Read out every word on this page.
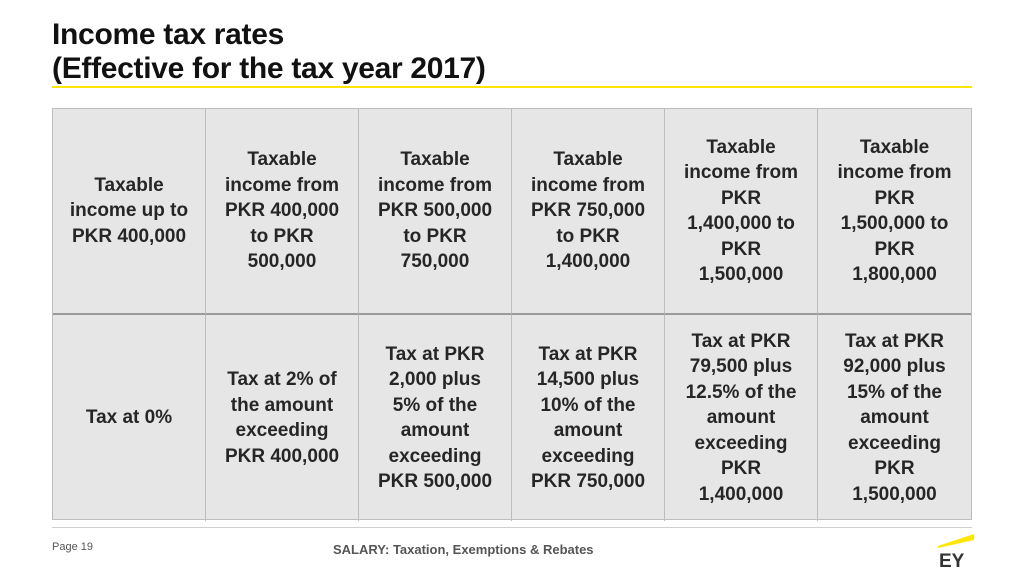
Income tax rates
(Effective for the tax year 2017)
Taxable
income up to
PKR 400,000
Taxable
income from
PKR 400,000
to PKR
500,000
Taxable
income from
PKR 500,000
to PKR
750,000
Taxable
income from
PKR 750,000
to PKR
1,400,000
Taxable
income from
PKR
1,400,000 to
PKR
1,500,000
Taxable
income from
PKR
1,500,000 to
PKR
1,800,000
Tax at 0%
Tax at 2% of
the amount
exceeding
PKR 400,000
Tax at PKR
2,000 plus
5% of the
amount
exceeding
PKR 500,000
Tax at PKR
14,500 plus
10% of the
amount
exceeding
PKR 750,000
Tax at PKR
79,500 plus
12.5% of the
amount
exceeding
PKR
1,400,000
Tax at PKR
92,000 plus
15% of the
amount
exceeding
PKR
1,500,000
Page 19	SALARY: Taxation, Exemptions & Rebates
EY
